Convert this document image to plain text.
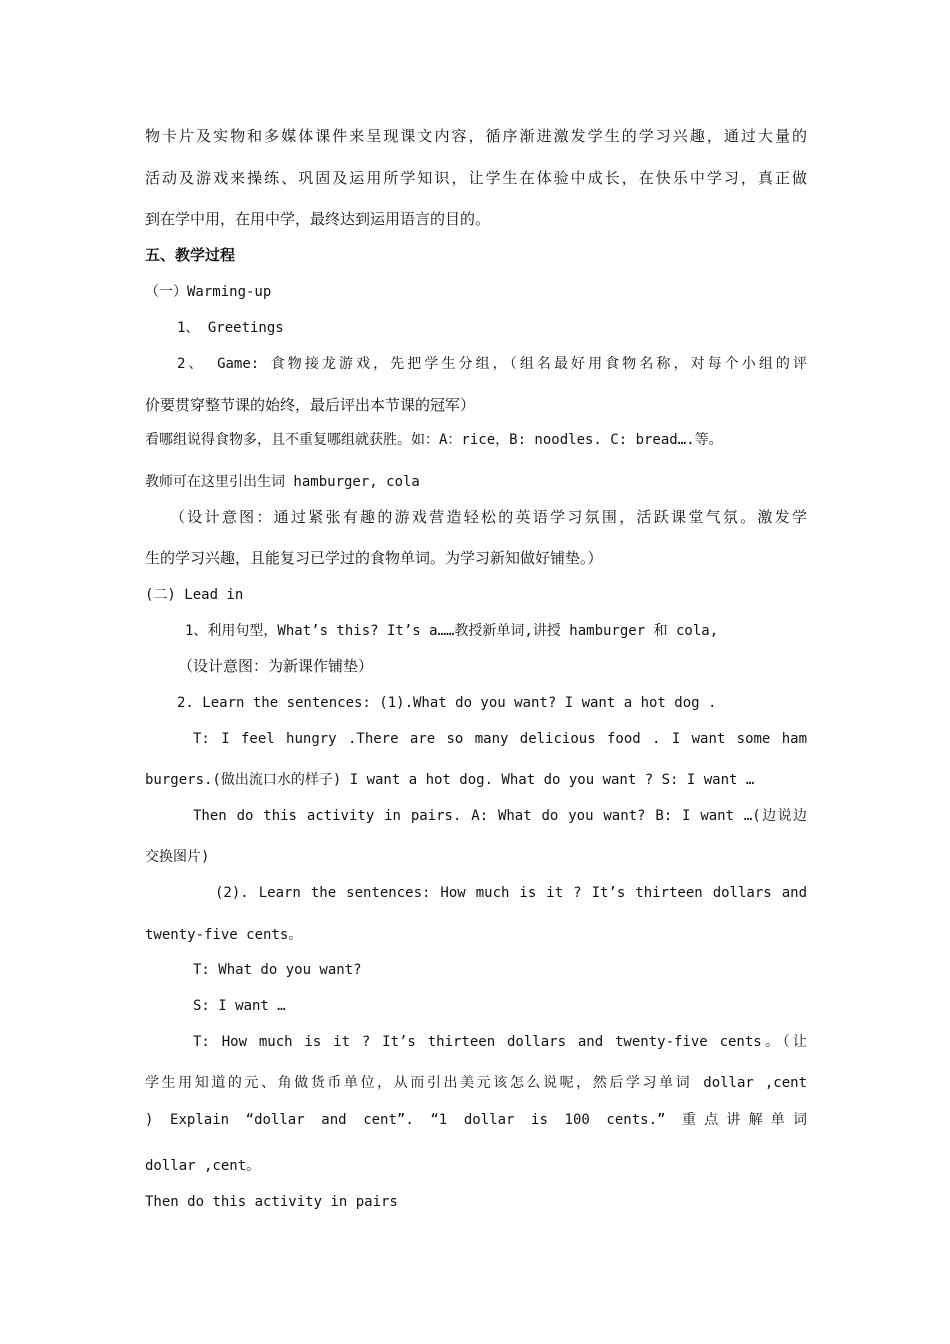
物卡片及实物和多媒体课件来呈现课文内容，循序渐进激发学生的学习兴趣，通过大量的
活动及游戏来操练、巩固及运用所学知识，让学生在体验中成长，在快乐中学习，真正做
到在学中用，在用中学，最终达到运用语言的目的。
五、教学过程
（一）Warming-up
1、 Greetings
2、 Game: 食物接龙游戏，先把学生分组，（组名最好用食物名称，对每个小组的评
价要贯穿整节课的始终，最后评出本节课的冠军）
看哪组说得食物多，且不重复哪组就获胜。如：A：rice，B: noodles. C: bread….等。
教师可在这里引出生词 hamburger, cola
（设计意图：通过紧张有趣的游戏营造轻松的英语学习氛围，活跃课堂气氛。激发学
生的学习兴趣，且能复习已学过的食物单词。为学习新知做好铺垫。）
(二) Lead in
1、利用句型，What’s this? It’s a……教授新单词,讲授 hamburger 和 cola,
（设计意图：为新课作铺垫）
2. Learn the sentences: (1).What do you want? I want a hot dog .
T: I feel hungry .There are so many delicious food . I want some ham
burgers.(做出流口水的样子) I want a hot dog. What do you want ? S: I want …
Then do this activity in pairs. A: What do you want? B: I want …(边说边
交换图片)
(2). Learn the sentences: How much is it ? It’s thirteen dollars and
twenty-five cents。
T: What do you want?
S: I want …
T: How much is it ? It’s thirteen dollars and twenty-five cents。（让
学生用知道的元、角做货币单位，从而引出美元该怎么说呢，然后学习单词 dollar ,cent
) Explain “dollar and cent”. “1 dollar is 100 cents.” 重点讲解单词
dollar ,cent。
Then do this activity in pairs
